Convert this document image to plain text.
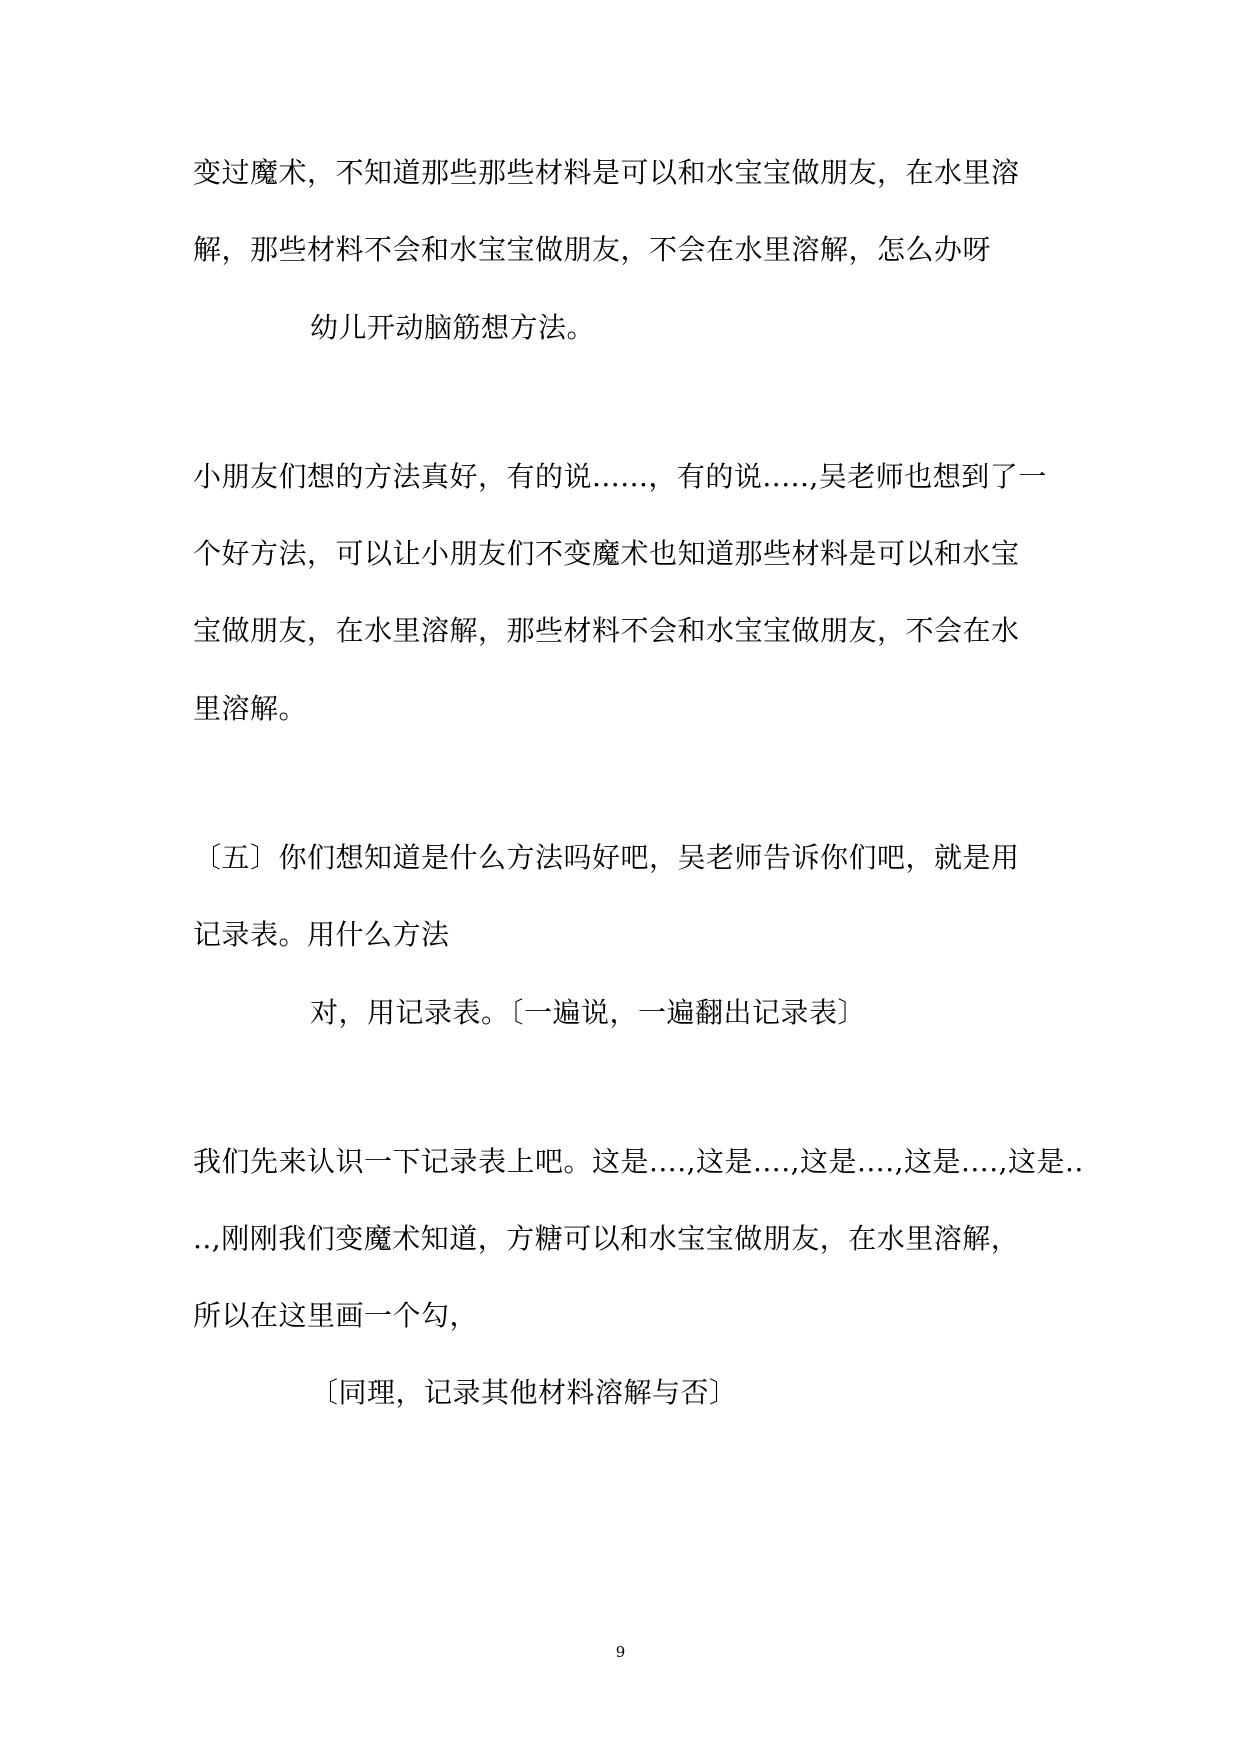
变过魔术，不知道那些那些材料是可以和水宝宝做朋友，在水里溶
解，那些材料不会和水宝宝做朋友，不会在水里溶解，怎么办呀
幼儿开动脑筋想方法。
小朋友们想的方法真好，有的说......，有的说.....,吴老师也想到了一
个好方法，可以让小朋友们不变魔术也知道那些材料是可以和水宝
宝做朋友，在水里溶解，那些材料不会和水宝宝做朋友，不会在水
里溶解。
〔五〕你们想知道是什么方法吗好吧，吴老师告诉你们吧，就是用
记录表。用什么方法
对，用记录表。〔一遍说，一遍翻出记录表〕
我们先来认识一下记录表上吧。这是....,这是....,这是....,这是....,这是..
..,刚刚我们变魔术知道，方糖可以和水宝宝做朋友，在水里溶解，
所以在这里画一个勾，
〔同理，记录其他材料溶解与否〕
9
